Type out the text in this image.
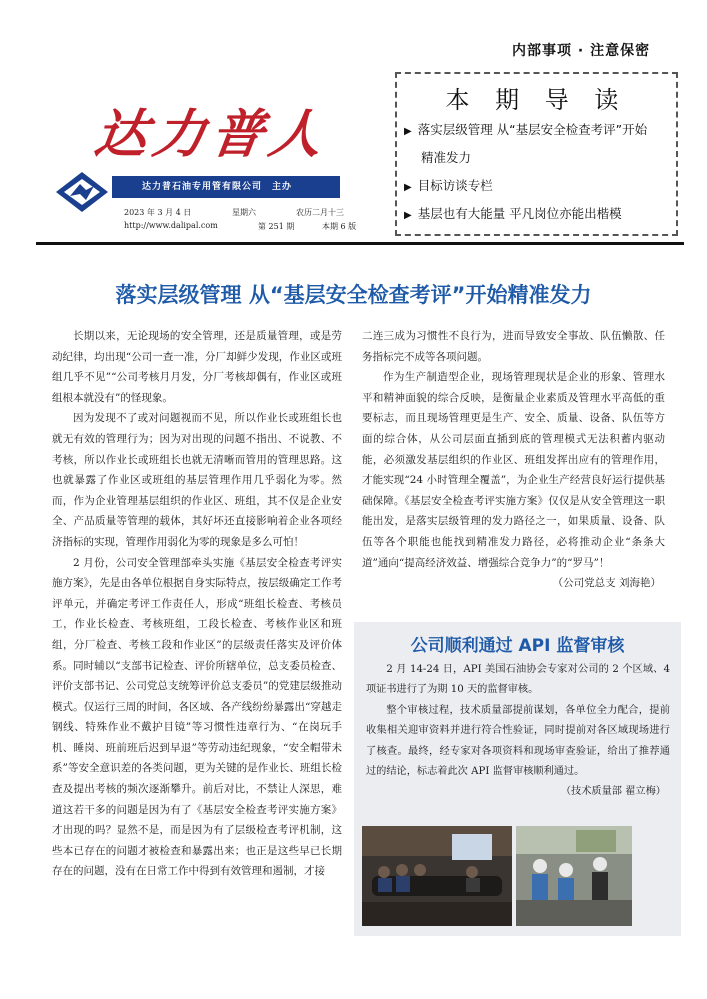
内部事项 · 注意保密
达力普人
达力普石油专用管有限公司　主办
2023 年 3 月 4 日	星期六	农历二月十三
http://www.dalipal.com	第 251 期	本期 6 版
本 期 导 读
▶ 落实层级管理 从“基层安全检查考评”开始
精准发力
▶ 目标访谈专栏
▶ 基层也有大能量 平凡岗位亦能出楷模
落实层级管理 从“基层安全检查考评”开始精准发力

长期以来，无论现场的安全管理，还是质量管理，或是劳动纪律，均出现“公司一查一准，分厂却鲜少发现，作业区或班组几乎不见”“公司考核月月发，分厂考核却偶有，作业区或班组根本就没有”的怪现象。

因为发现不了或对问题视而不见，所以作业长或班组长也就无有效的管理行为；因为对出现的问题不指出、不说教、不考核，所以作业长或班组长也就无清晰而管用的管理思路。这也就暴露了作业区或班组的基层管理作用几乎弱化为零。然而，作为企业管理基层组织的作业区、班组，其不仅是企业安全、产品质量等管理的载体，其好坏还直接影响着企业各项经济指标的实现，管理作用弱化为零的现象是多么可怕！

2 月份，公司安全管理部牵头实施《基层安全检查考评实施方案》，先是由各单位根据自身实际特点，按层级确定工作考评单元，并确定考评工作责任人，形成“班组长检查、考核员工，作业长检查、考核班组，工段长检查、考核作业区和班组，分厂检查、考核工段和作业区”的层级责任落实及评价体系。同时辅以“支部书记检查、评价所辖单位，总支委员检查、评价支部书记、公司党总支统筹评价总支委员”的党建层级推动模式。仅运行三周的时间，各区域、各产线纷纷暴露出“穿越走钢线、特殊作业不戴护目镜”等习惯性违章行为、“在岗玩手机、睡岗、班前班后迟到早退”等劳动违纪现象，“安全帽带未系”等安全意识差的各类问题，更为关键的是作业长、班组长检查及提出考核的频次逐渐攀升。前后对比，不禁让人深思，难道这若干多的问题是因为有了《基层安全检查考评实施方案》才出现的吗？显然不是，而是因为有了层级检查考评机制，这些本已存在的问题才被检查和暴露出来；也正是这些早已长期存在的问题，没有在日常工作中得到有效管理和遏制，才接

二连三成为习惯性不良行为，进而导致安全事故、队伍懒散、任务指标完不成等各项问题。

作为生产制造型企业，现场管理现状是企业的形象、管理水平和精神面貌的综合反映，是衡量企业素质及管理水平高低的重要标志，而且现场管理更是生产、安全、质量、设备、队伍等方面的综合体，从公司层面直插到底的管理模式无法积蓄内驱动能，必须激发基层组织的作业区、班组发挥出应有的管理作用，才能实现“24 小时管理全覆盖”，为企业生产经营良好运行提供基础保障。《基层安全检查考评实施方案》仅仅是从安全管理这一职能出发，是落实层级管理的发力路径之一，如果质量、设备、队伍等各个职能也能找到精准发力路径，必将推动企业“条条大道”通向“提高经济效益、增强综合竞争力”的“罗马”！

（公司党总支 刘海艳）

公司顺利通过 API 监督审核

2 月 14-24 日，API 美国石油协会专家对公司的 2 个区域、4 项证书进行了为期 10 天的监督审核。

整个审核过程，技术质量部提前谋划，各单位全力配合，提前收集相关迎审资料并进行符合性验证，同时提前对各区域现场进行了核查。最终，经专家对各项资料和现场审查验证，给出了推荐通过的结论，标志着此次 API 监督审核顺利通过。

（技术质量部 翟立梅）
